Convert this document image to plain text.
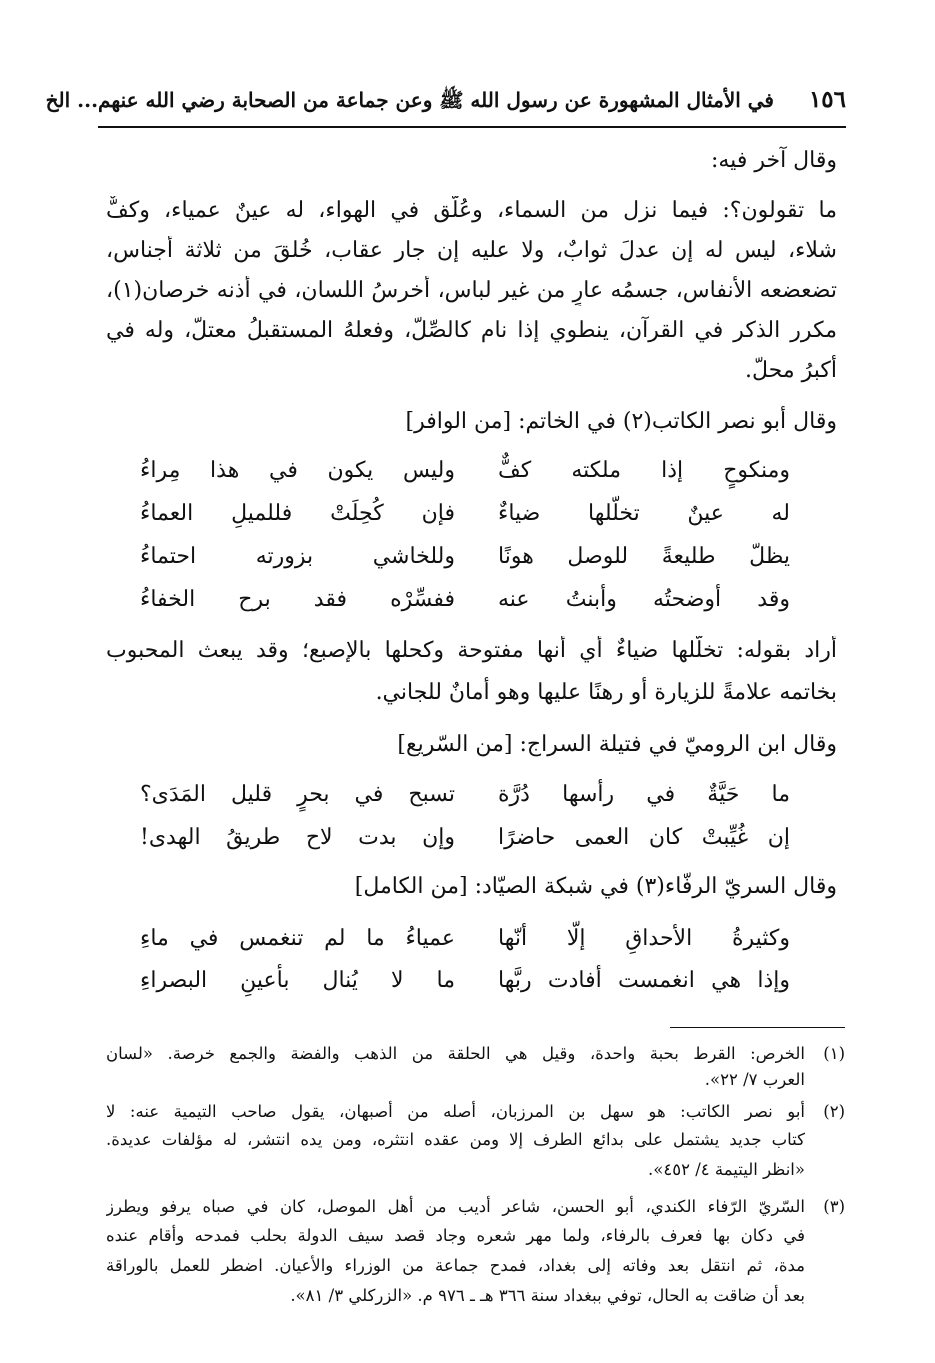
١٥٦
في الأمثال المشهورة عن رسول الله ﷺ وعن جماعة من الصحابة رضي الله عنهم... الخ
وقال آخر فيه:
ما تقولون؟: فيما نزل من السماء، وعُلّق في الهواء، له عينٌ عمياء، وكفٌّ
شلاء، ليس له إن عدلَ ثوابٌ، ولا عليه إن جار عقاب، خُلقَ من ثلاثة أجناس،
تضعضعه الأنفاس، جسمُه عارٍ من غير لباس، أخرسُ اللسان، في أذنه خرصان(١)،
مكرر الذكر في القرآن، ينطوي إذا نام كالصِّلّ، وفعلهُ المستقبلُ معتلّ، وله في
أكبرُ محلّ.
وقال أبو نصر الكاتب(٢) في الخاتم: [من الوافر]
ومنكوحٍ إذا ملكته كفٌّ
وليس يكون في هذا مِراءُ
له عينٌ تخلّلها ضياءٌ
فإن كُحِلَتْ فللميلِ العماءُ
يظلّ طليعةً للوصل هونًا
وللخاشي بزورته احتماءُ
وقد أوضحتُه وأبنتُ عنه
ففسِّرْه فقد برح الخفاءُ
أراد بقوله: تخلّلها ضياءٌ أي أنها مفتوحة وكحلها بالإصبع؛ وقد يبعث المحبوب
بخاتمه علامةً للزيارة أو رهنًا عليها وهو أمانٌ للجاني.
وقال ابن الروميّ في فتيلة السراج: [من السّريع]
ما حَيَّةٌ في رأسها دُرَّة
تسبح في بحرٍ قليل المَدَى؟
إن غُيِّبتْ كان العمى حاضرًا
وإن بدت لاح طريقُ الهدى!
وقال السريّ الرفّاء(٣) في شبكة الصيّاد: [من الكامل]
وكثيرةُ الأحداقِ إلّا أنّها
عمياءُ ما لم تنغمس في ماءِ
وإذا هي انغمست أفادت ربَّها
ما لا يُنال بأعينِ البصراءِ
(١)
الخرص: القرط بحبة واحدة، وقيل هي الحلقة من الذهب والفضة والجمع خرصة. «لسان
العرب ٧/ ٢٢».
(٢)
أبو نصر الكاتب: هو سهل بن المرزبان، أصله من أصبهان، يقول صاحب التيمية عنه: لا
كتاب جديد يشتمل على بدائع الطرف إلا ومن عقده انتثره، ومن يده انتشر، له مؤلفات عديدة.
«انظر اليتيمة ٤/ ٤٥٢».
(٣)
السّريّ الرّفاء الكندي، أبو الحسن، شاعر أديب من أهل الموصل، كان في صباه يرفو ويطرز
في دكان بها فعرف بالرفاء، ولما مهر شعره وجاد قصد سيف الدولة بحلب فمدحه وأقام عنده
مدة، ثم انتقل بعد وفاته إلى بغداد، فمدح جماعة من الوزراء والأعيان. اضطر للعمل بالوراقة
بعد أن ضاقت به الحال، توفي ببغداد سنة ٣٦٦ هـ ـ ٩٧٦ م. «الزركلي ٣/ ٨١».
